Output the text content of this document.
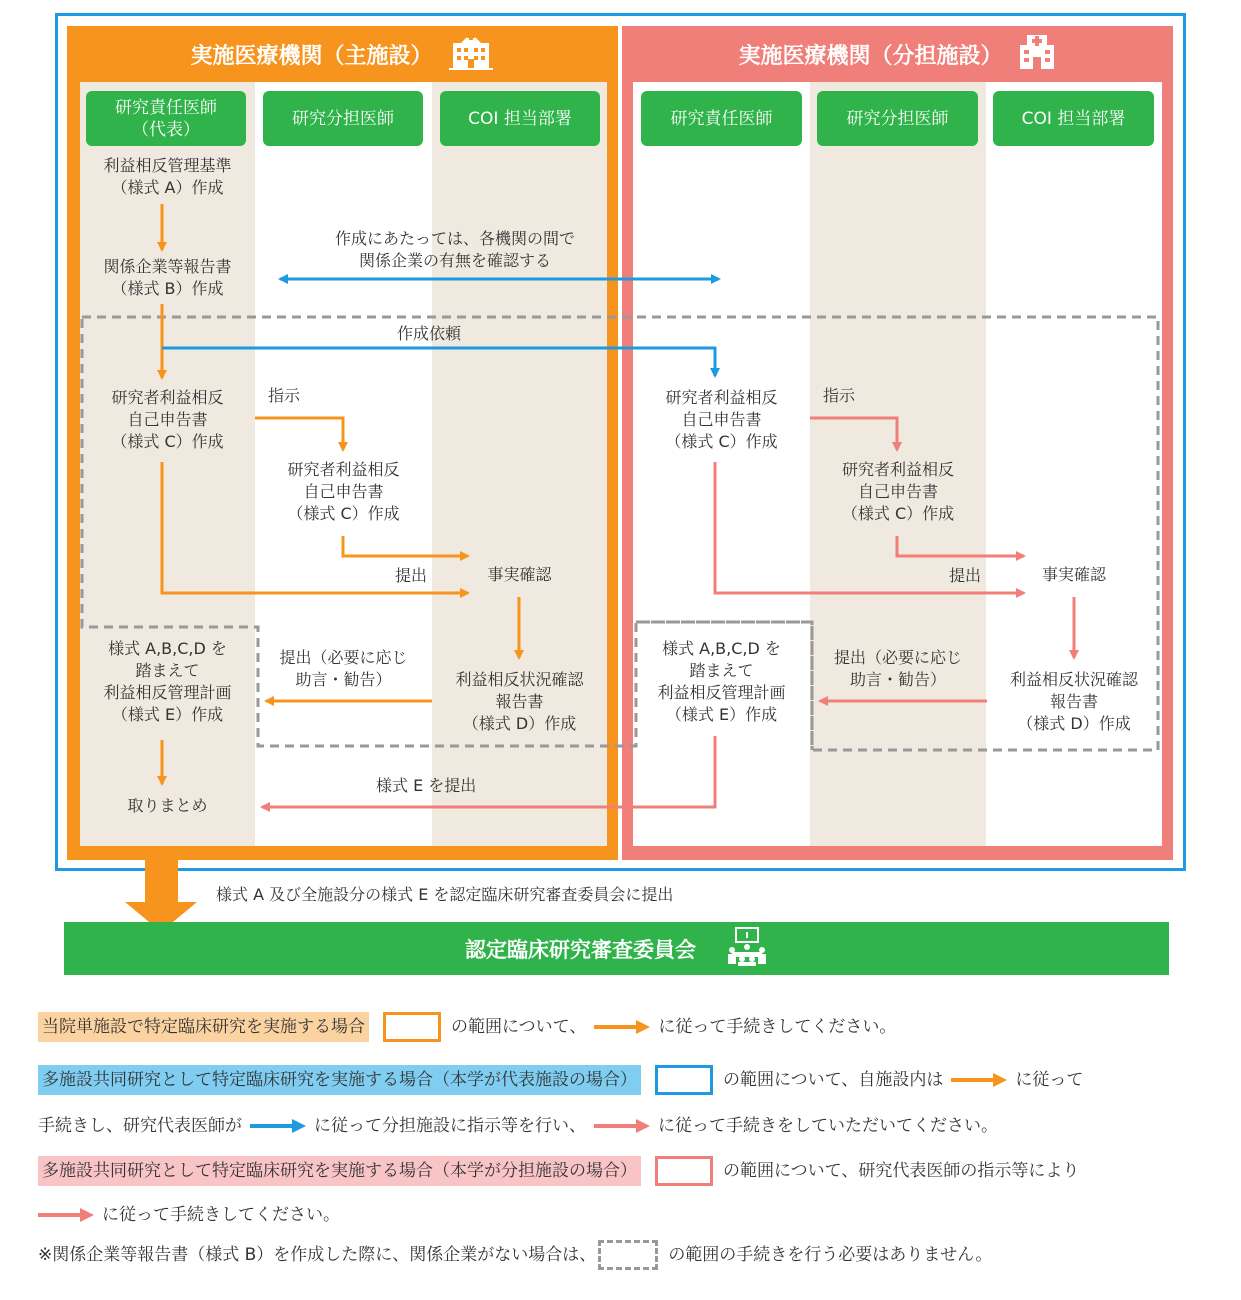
実施医療機関（主施設）
研究責任医師
（代表）
研究分担医師	COI 担当部署
実施医療機関（分担施設）
研究責任医師	研究分担医師	COI 担当部署
利益相反管理基準
（様式 A）作成
関係企業等報告書
（様式 B）作成
研究者利益相反
自己申告書
（様式 C）作成
研究者利益相反
自己申告書
（様式 C）作成
事実確認
利益相反状況確認
報告書
（様式 D）作成
様式 A,B,C,D を
踏まえて
利益相反管理計画
（様式 E）作成
取りまとめ
指示
提出
提出（必要に応じ
助言・勧告）
研究者利益相反
自己申告書
（様式 C）作成
研究者利益相反
自己申告書
（様式 C）作成
事実確認
利益相反状況確認
報告書
（様式 D）作成
様式 A,B,C,D を
踏まえて
利益相反管理計画
（様式 E）作成
指示
提出
提出（必要に応じ
助言・勧告）
作成にあたっては、各機関の間で
関係企業の有無を確認する
作成依頼
様式 E を提出
様式 A 及び全施設分の様式 E を認定臨床研究審査委員会に提出
認定臨床研究審査委員会
当院単施設で特定臨床研究を実施する場合	の範囲について、	に従って手続きしてください。
多施設共同研究として特定臨床研究を実施する場合（本学が代表施設の場合）	の範囲について、自施設内は	に従って
手続きし、研究代表医師が	に従って分担施設に指示等を行い、	に従って手続きをしていただいてください。
多施設共同研究として特定臨床研究を実施する場合（本学が分担施設の場合）	の範囲について、研究代表医師の指示等により
に従って手続きしてください。
※関係企業等報告書（様式 B）を作成した際に、関係企業がない場合は、	の範囲の手続きを行う必要はありません。
